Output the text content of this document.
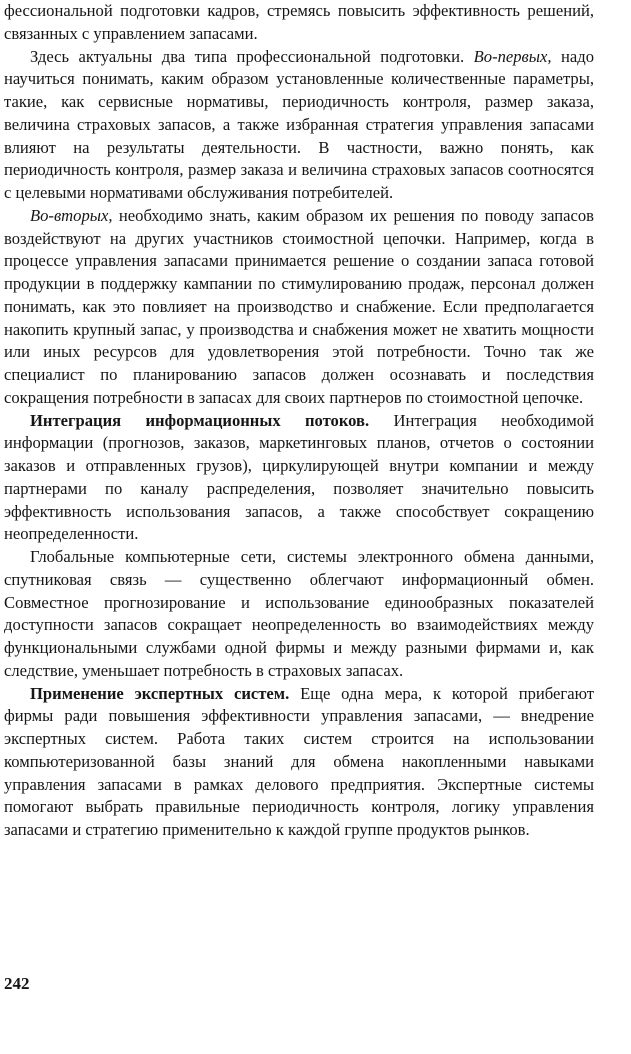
фессиональной подготовки кадров, стремясь повысить эффективность решений, связанных с управлением запасами.

Здесь актуальны два типа профессиональной подготовки. Во-первых, надо научиться понимать, каким образом установленные количественные параметры, такие, как сервисные нормативы, периодичность контроля, размер заказа, величина страховых запасов, а также избранная стратегия управления запасами влияют на результаты деятельности. В частности, важно понять, как периодичность контроля, размер заказа и величина страховых запасов соотносятся с целевыми нормативами обслуживания потребителей.

Во-вторых, необходимо знать, каким образом их решения по поводу запасов воздействуют на других участников стоимостной цепочки. Например, когда в процессе управления запасами принимается решение о создании запаса готовой продукции в поддержку кампании по стимулированию продаж, персонал должен понимать, как это повлияет на производство и снабжение. Если предполагается накопить крупный запас, у производства и снабжения может не хватить мощности или иных ресурсов для удовлетворения этой потребности. Точно так же специалист по планированию запасов должен осознавать и последствия сокращения потребности в запасах для своих партнеров по стоимостной цепочке.

Интеграция информационных потоков. Интеграция необходимой информации (прогнозов, заказов, маркетинговых планов, отчетов о состоянии заказов и отправленных грузов), циркулирующей внутри компании и между партнерами по каналу распределения, позволяет значительно повысить эффективность использования запасов, а также способствует сокращению неопределенности.

Глобальные компьютерные сети, системы электронного обмена данными, спутниковая связь — существенно облегчают информационный обмен. Совместное прогнозирование и использование единообразных показателей доступности запасов сокращает неопределенность во взаимодействиях между функциональными службами одной фирмы и между разными фирмами и, как следствие, уменьшает потребность в страховых запасах.

Применение экспертных систем. Еще одна мера, к которой прибегают фирмы ради повышения эффективности управления запасами, — внедрение экспертных систем. Работа таких систем строится на использовании компьютеризованной базы знаний для обмена накопленными навыками управления запасами в рамках делового предприятия. Экспертные системы помогают выбрать правильные периодичность контроля, логику управления запасами и стратегию применительно к каждой группе продуктов рынков.

242
